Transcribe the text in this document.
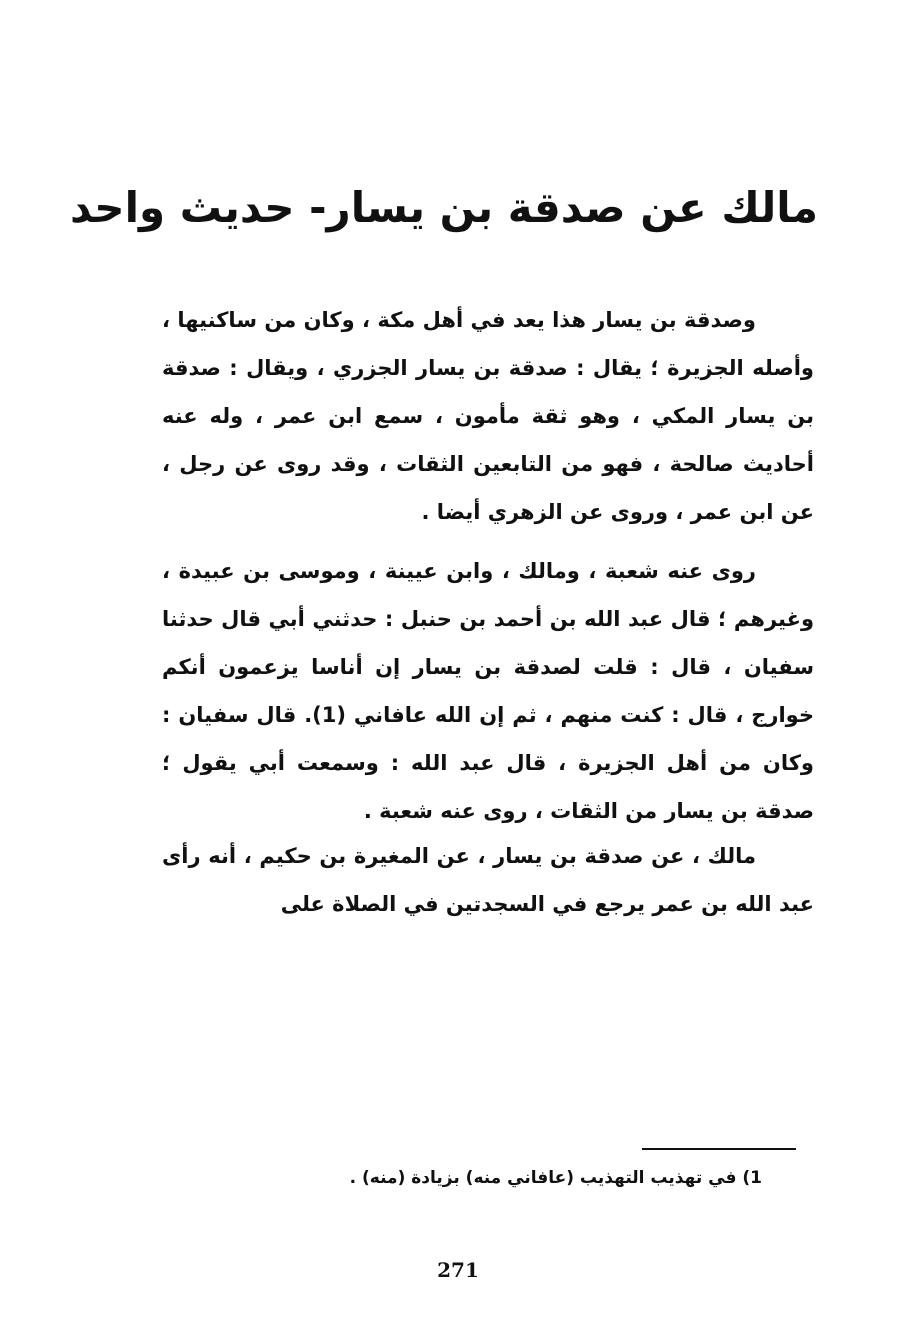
مالك عن صدقة بن يسار- حديث واحد

وصدقة بن يسار هذا يعد في أهل مكة ، وكان من ساكنيها ، وأصله الجزيرة ؛ يقال : صدقة بن يسار الجزري ، ويقال : صدقة بن يسار المكي ، وهو ثقة مأمون ، سمع ابن عمر ، وله عنه أحاديث صالحة ، فهو من التابعين الثقات ، وقد روى عن رجل ، عن ابن عمر ، وروى عن الزهري أيضا .

روى عنه شعبة ، ومالك ، وابن عيينة ، وموسى بن عبيدة ، وغيرهم ؛ قال عبد الله بن أحمد بن حنبل : حدثني أبي قال حدثنا سفيان ، قال : قلت لصدقة بن يسار إن أناسا يزعمون أنكم خوارج ، قال : كنت منهم ، ثم إن الله عافاني (1). قال سفيان : وكان من أهل الجزيرة ، قال عبد الله : وسمعت أبي يقول ؛ صدقة بن يسار من الثقات ، روى عنه شعبة .

مالك ، عن صدقة بن يسار ، عن المغيرة بن حكيم ، أنه رأى عبد الله بن عمر يرجع في السجدتين في الصلاة على

1) في تهذيب التهذيب (عافاني منه) بزيادة (منه) .
271
